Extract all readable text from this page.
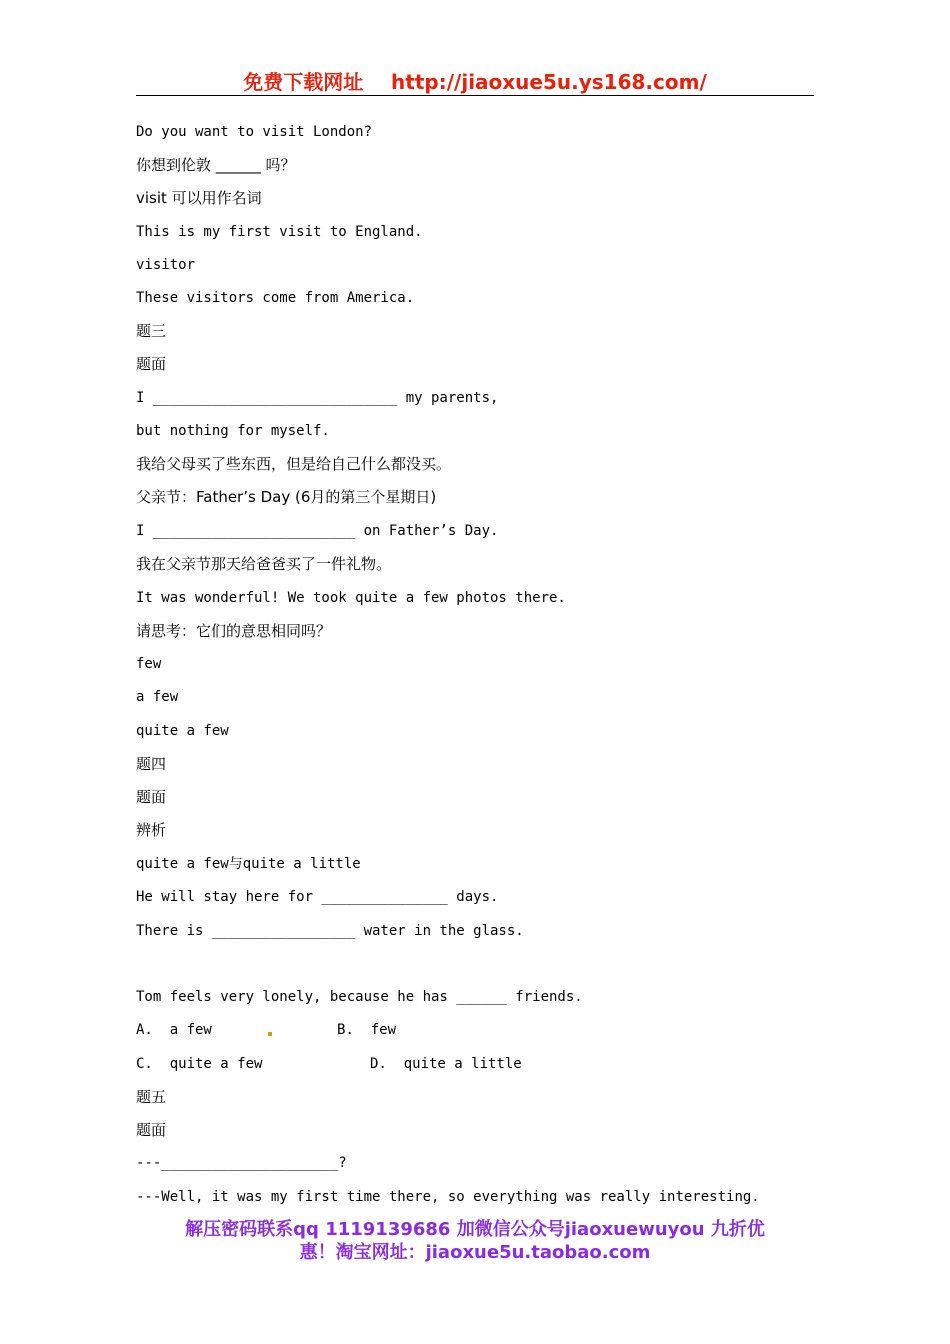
免费下载网址    http://jiaoxue5u.ys168.com/
Do you want to visit London?
你想到伦敦 ______ 吗？
visit 可以用作名词
This is my first visit to England.
visitor
These visitors come from America.
题三
题面
I _____________________________ my parents,
but nothing for myself.
我给父母买了些东西，但是给自己什么都没买。
父亲节：Father’s Day (6月的第三个星期日)
I ________________________ on Father’s Day.
我在父亲节那天给爸爸买了一件礼物。
It was wonderful! We took quite a few photos there.
请思考：它们的意思相同吗？
few
a few
quite a few
题四
题面
辨析
quite a few与quite a little
He will stay here for _______________ days.
There is _________________ water in the glass.
Tom feels very lonely, because he has ______ friends.
A.  a few	B.  few
C.  quite a few	D.  quite a little
题五
题面
---_____________________?
---Well, it was my first time there, so everything was really interesting.
解压密码联系qq 1119139686 加微信公众号jiaoxuewuyou 九折优
惠！淘宝网址：jiaoxue5u.taobao.com
